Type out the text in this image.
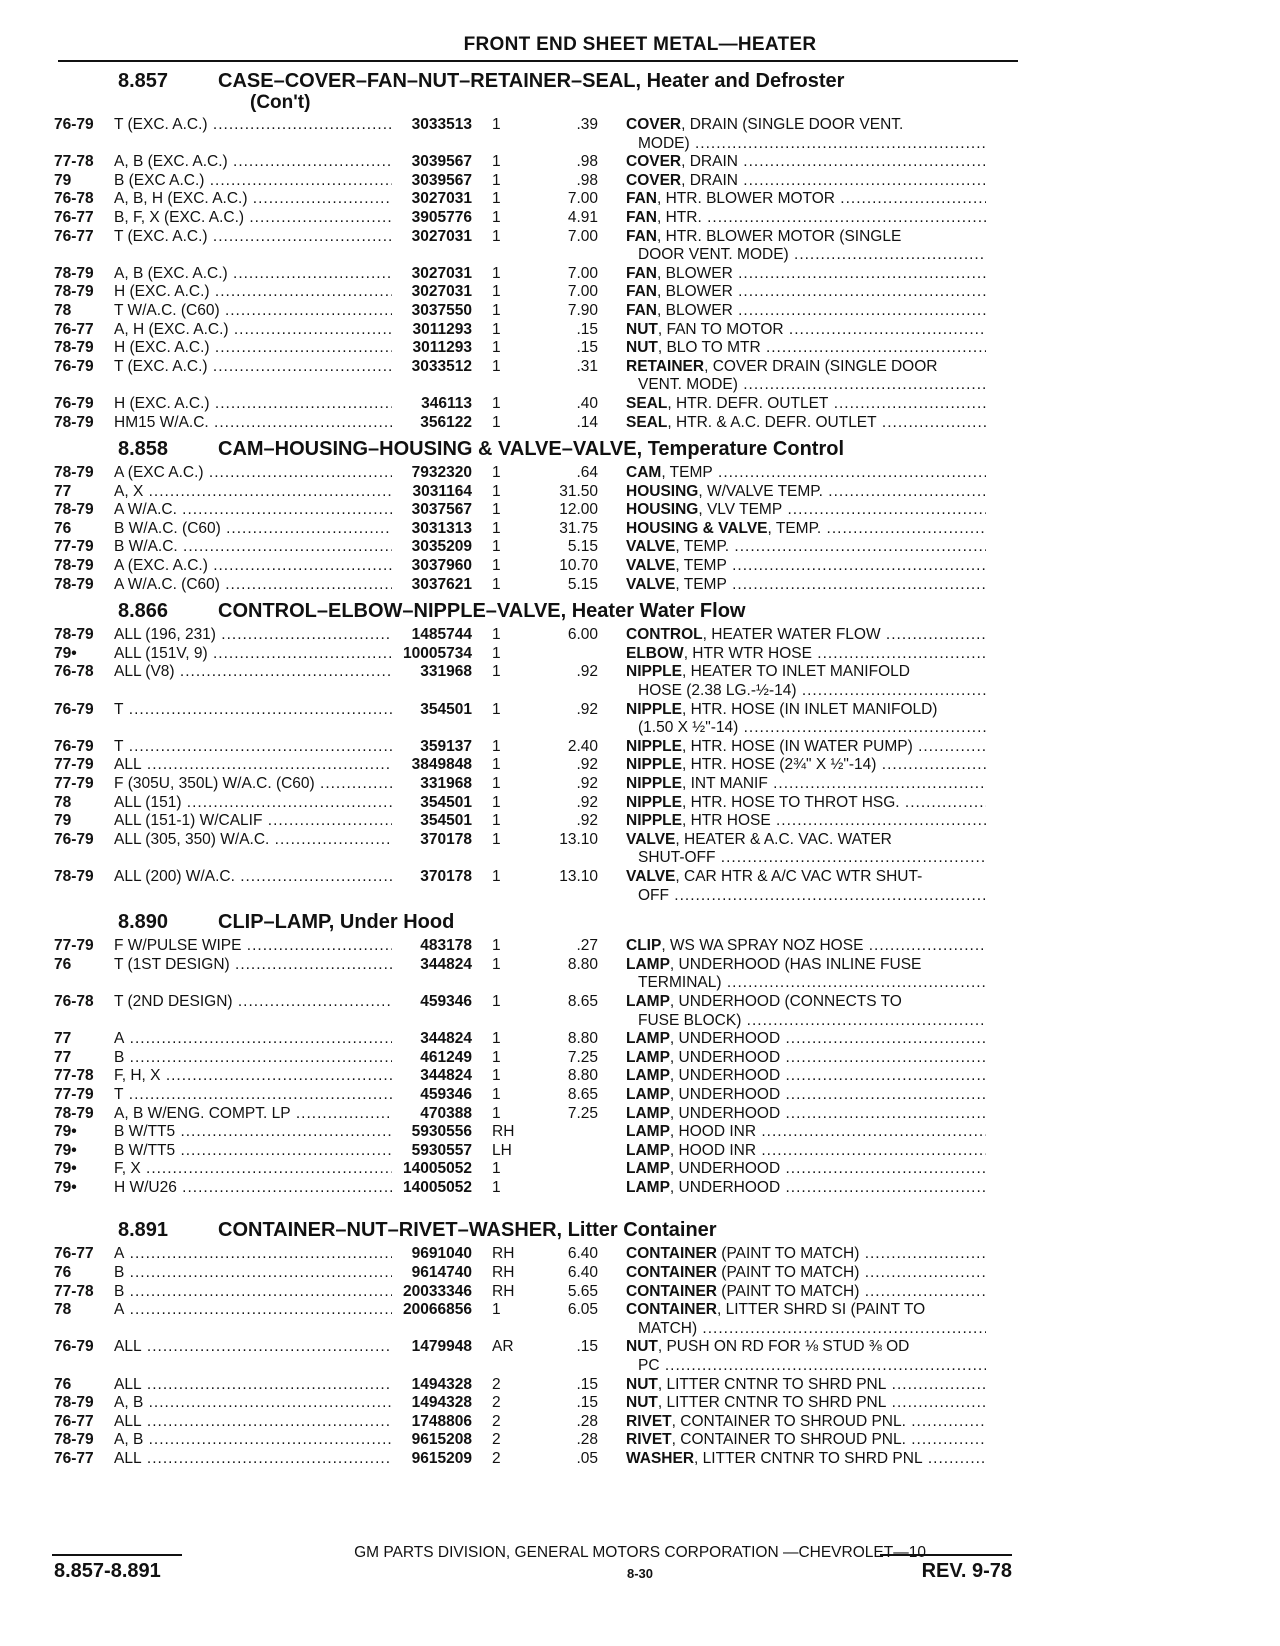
FRONT END SHEET METAL—HEATER
8.857	CASE–COVER–FAN–NUT–RETAINER–SEAL, Heater and Defroster
(Con't)
76-79	T (EXC. A.C.) .....	3033513	1	.39 COVER, DRAIN (SINGLE DOOR VENT.
MODE) .....
77-78	A, B (EXC. A.C.) .....	3039567	1	.98 COVER, DRAIN .....
79	B (EXC A.C.) .....	3039567	1	.98 COVER, DRAIN .....
76-78	A, B, H (EXC. A.C.) .....	3027031	1	7.00 FAN, HTR. BLOWER MOTOR .....
76-77	B, F, X (EXC. A.C.) .....	3905776	1	4.91 FAN, HTR. .....
76-77	T (EXC. A.C.) .....	3027031	1	7.00 FAN, HTR. BLOWER MOTOR (SINGLE
DOOR VENT. MODE) .....
78-79	A, B (EXC. A.C.) .....	3027031	1	7.00 FAN, BLOWER .....
78-79	H (EXC. A.C.) .....	3027031	1	7.00 FAN, BLOWER .....
78	T W/A.C. (C60) .....	3037550	1	7.90 FAN, BLOWER .....
76-77	A, H (EXC. A.C.) .....	3011293	1	.15 NUT, FAN TO MOTOR .....
78-79	H (EXC. A.C.) .....	3011293	1	.15 NUT, BLO TO MTR .....
76-79	T (EXC. A.C.) .....	3033512	1	.31 RETAINER, COVER DRAIN (SINGLE DOOR
VENT. MODE) .....
76-79	H (EXC. A.C.) .....	346113	1	.40 SEAL, HTR. DEFR. OUTLET .....
78-79	HM15 W/A.C. .....	356122	1	.14 SEAL, HTR. & A.C. DEFR. OUTLET .....
8.858	CAM–HOUSING–HOUSING & VALVE–VALVE, Temperature Control
78-79	A (EXC A.C.) .....	7932320	1	.64 CAM, TEMP .....
77	A, X .....	3031164	1	31.50 HOUSING, W/VALVE TEMP. .....
78-79	A W/A.C. .....	3037567	1	12.00 HOUSING, VLV TEMP .....
76	B W/A.C. (C60) .....	3031313	1	31.75 HOUSING & VALVE, TEMP. .....
77-79	B W/A.C. .....	3035209	1	5.15 VALVE, TEMP. .....
78-79	A (EXC. A.C.) .....	3037960	1	10.70 VALVE, TEMP .....
78-79	A W/A.C. (C60) .....	3037621	1	5.15 VALVE, TEMP .....
8.866	CONTROL–ELBOW–NIPPLE–VALVE, Heater Water Flow
78-79	ALL (196, 231) .....	1485744	1	6.00 CONTROL, HEATER WATER FLOW .....
79•	ALL (151V, 9) .....	10005734	1	ELBOW, HTR WTR HOSE .....
76-78	ALL (V8) .....	331968	1	.92 NIPPLE, HEATER TO INLET MANIFOLD
HOSE (2.38 LG.-½-14) .....
76-79	T .....	354501	1	.92 NIPPLE, HTR. HOSE (IN INLET MANIFOLD)
(1.50 X ½"-14) .....
76-79	T .....	359137	1	2.40 NIPPLE, HTR. HOSE (IN WATER PUMP) .....
77-79	ALL .....	3849848	1	.92 NIPPLE, HTR. HOSE (2¾" X ½"-14) .....
77-79	F (305U, 350L) W/A.C. (C60) .....	331968	1	.92 NIPPLE, INT MANIF .....
78	ALL (151) .....	354501	1	.92 NIPPLE, HTR. HOSE TO THROT HSG. .....
79	ALL (151-1) W/CALIF .....	354501	1	.92 NIPPLE, HTR HOSE .....
76-79	ALL (305, 350) W/A.C. .....	370178	1	13.10 VALVE, HEATER & A.C. VAC. WATER
SHUT-OFF .....
78-79	ALL (200) W/A.C. .....	370178	1	13.10 VALVE, CAR HTR & A/C VAC WTR SHUT-
OFF .....
8.890	CLIP–LAMP, Under Hood
77-79	F W/PULSE WIPE .....	483178	1	.27 CLIP, WS WA SPRAY NOZ HOSE .....
76	T (1ST DESIGN) .....	344824	1	8.80 LAMP, UNDERHOOD (HAS INLINE FUSE
TERMINAL) .....
76-78	T (2ND DESIGN) .....	459346	1	8.65 LAMP, UNDERHOOD (CONNECTS TO
FUSE BLOCK) .....
77	A .....	344824	1	8.80 LAMP, UNDERHOOD .....
77	B .....	461249	1	7.25 LAMP, UNDERHOOD .....
77-78	F, H, X .....	344824	1	8.80 LAMP, UNDERHOOD .....
77-79	T .....	459346	1	8.65 LAMP, UNDERHOOD .....
78-79	A, B W/ENG. COMPT. LP .....	470388	1	7.25 LAMP, UNDERHOOD .....
79•	B W/TT5 .....	5930556	RH	LAMP, HOOD INR .....
79•	B W/TT5 .....	5930557	LH	LAMP, HOOD INR .....
79•	F, X .....	14005052	1	LAMP, UNDERHOOD .....
79•	H W/U26 .....	14005052	1	LAMP, UNDERHOOD .....
8.891	CONTAINER–NUT–RIVET–WASHER, Litter Container
76-77	A .....	9691040	RH	6.40 CONTAINER (PAINT TO MATCH) .....
76	B .....	9614740	RH	6.40 CONTAINER (PAINT TO MATCH) .....
77-78	B .....	20033346	RH	5.65 CONTAINER (PAINT TO MATCH) .....
78	A .....	20066856	1	6.05 CONTAINER, LITTER SHRD SI (PAINT TO
MATCH) .....
76-79	ALL .....	1479948	AR	.15 NUT, PUSH ON RD FOR ⅛ STUD ⅜ OD
PC .....
76	ALL .....	1494328	2	.15 NUT, LITTER CNTNR TO SHRD PNL .....
78-79	A, B .....	1494328	2	.15 NUT, LITTER CNTNR TO SHRD PNL .....
76-77	ALL .....	1748806	2	.28 RIVET, CONTAINER TO SHROUD PNL. .....
78-79	A, B .....	9615208	2	.28 RIVET, CONTAINER TO SHROUD PNL. .....
76-77	ALL .....	9615209	2	.05 WASHER, LITTER CNTNR TO SHRD PNL .....
GM PARTS DIVISION, GENERAL MOTORS CORPORATION —CHEVROLET—10
8.857-8.891	8-30	REV. 9-78
